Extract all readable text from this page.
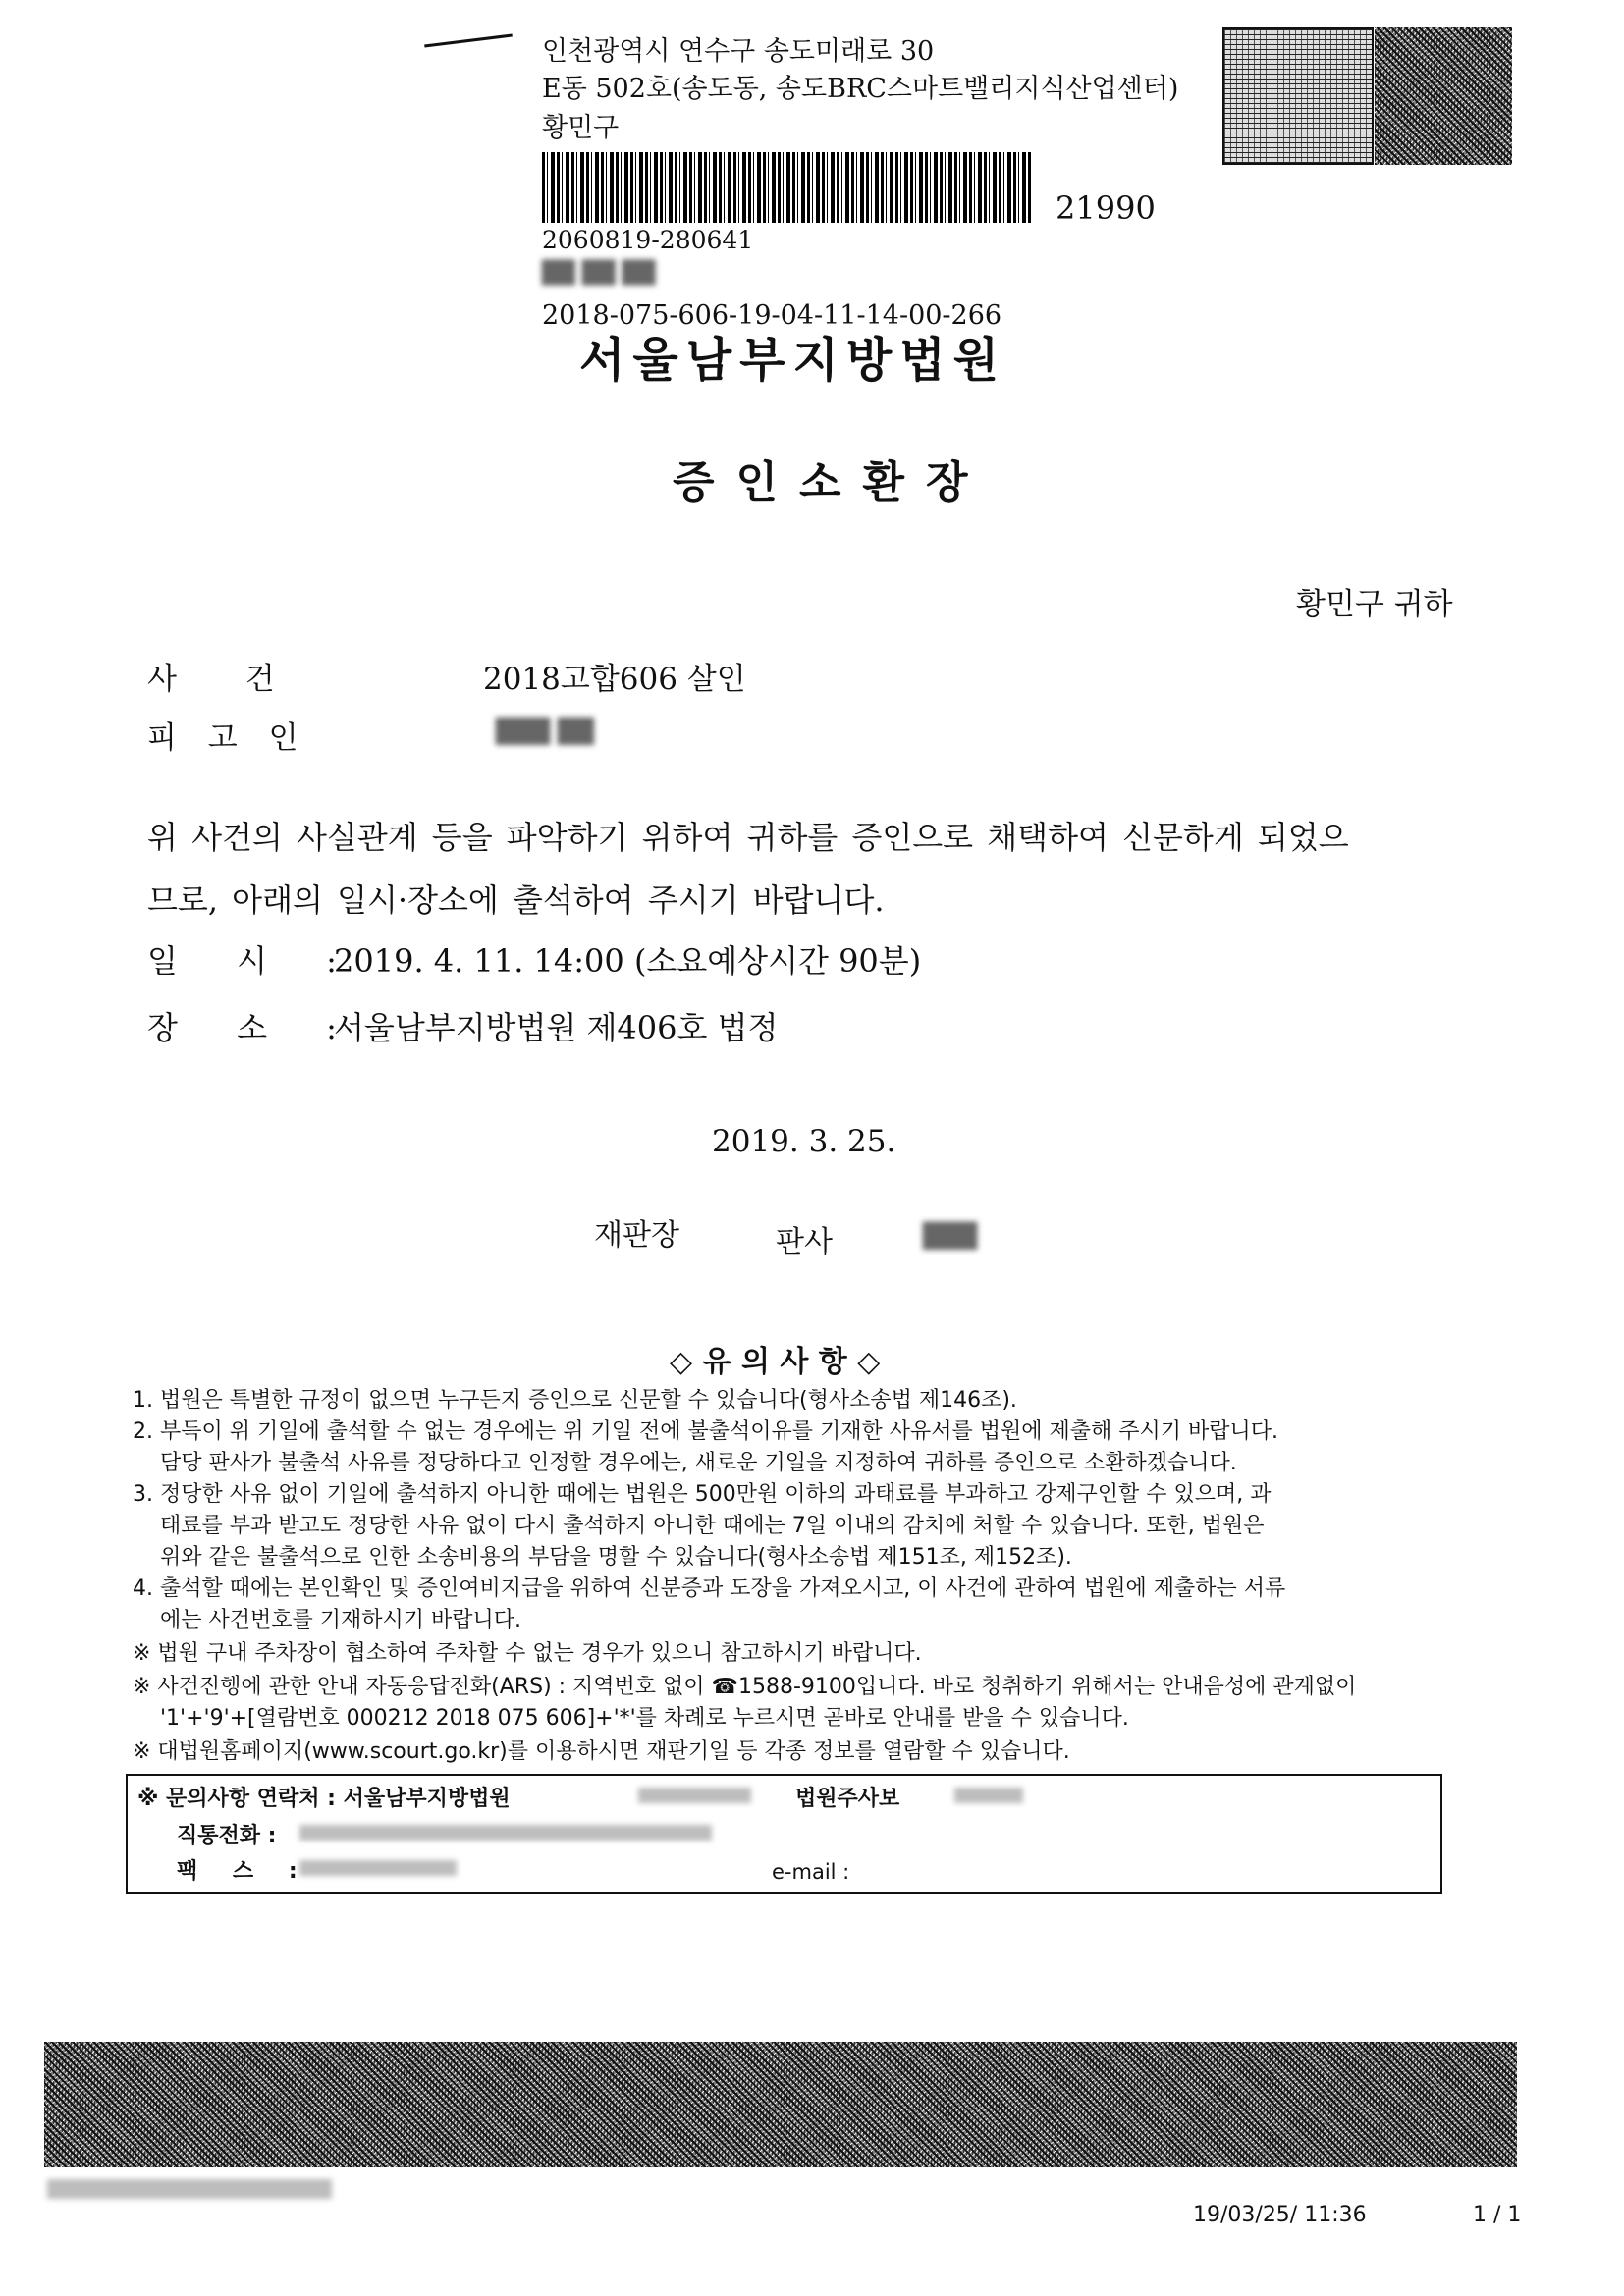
인천광역시 연수구 송도미래로 30
E동 502호(송도동, 송도BRC스마트밸리지식산업센터)
황민구
21990
2060819-280641
██ ██ ██
2018-075-606-19-04-11-14-00-266
서울남부지방법원
증인소환장
황민구 귀하
사 건	2018고합606 살인
피 고 인	███ ██
위 사건의 사실관계 등을 파악하기 위하여 귀하를 증인으로 채택하여 신문하게 되었으
므로, 아래의 일시·장소에 출석하여 주시기 바랍니다.
일 시 :
2019. 4. 11. 14:00 (소요예상시간 90분)
장 소 :
서울남부지방법원 제406호 법정
2019. 3. 25.
재판장	판사	███
◇ 유 의 사 항 ◇
1. 법원은 특별한 규정이 없으면 누구든지 증인으로 신문할 수 있습니다(형사소송법 제146조).
2. 부득이 위 기일에 출석할 수 없는 경우에는 위 기일 전에 불출석이유를 기재한 사유서를 법원에 제출해 주시기 바랍니다.
담당 판사가 불출석 사유를 정당하다고 인정할 경우에는, 새로운 기일을 지정하여 귀하를 증인으로 소환하겠습니다.
3. 정당한 사유 없이 기일에 출석하지 아니한 때에는 법원은 500만원 이하의 과태료를 부과하고 강제구인할 수 있으며, 과
태료를 부과 받고도 정당한 사유 없이 다시 출석하지 아니한 때에는 7일 이내의 감치에 처할 수 있습니다. 또한, 법원은
위와 같은 불출석으로 인한 소송비용의 부담을 명할 수 있습니다(형사소송법 제151조, 제152조).
4. 출석할 때에는 본인확인 및 증인여비지급을 위하여 신분증과 도장을 가져오시고, 이 사건에 관하여 법원에 제출하는 서류
에는 사건번호를 기재하시기 바랍니다.
※ 법원 구내 주차장이 협소하여 주차할 수 없는 경우가 있으니 참고하시기 바랍니다.
※ 사건진행에 관한 안내 자동응답전화(ARS) : 지역번호 없이 ☎1588-9100입니다. 바로 청취하기 위해서는 안내음성에 관계없이
'1'+'9'+[열람번호 000212 2018 075 606]+'*'를 차례로 누르시면 곧바로 안내를 받을 수 있습니다.
※ 대법원홈페이지(www.scourt.go.kr)를 이용하시면 재판기일 등 각종 정보를 열람할 수 있습니다.
※ 문의사항 연락처 : 서울남부지방법원	법원주사보
직통전화 :
팩 스 :	e-mail :
19/03/25/ 11:36	1 / 1
